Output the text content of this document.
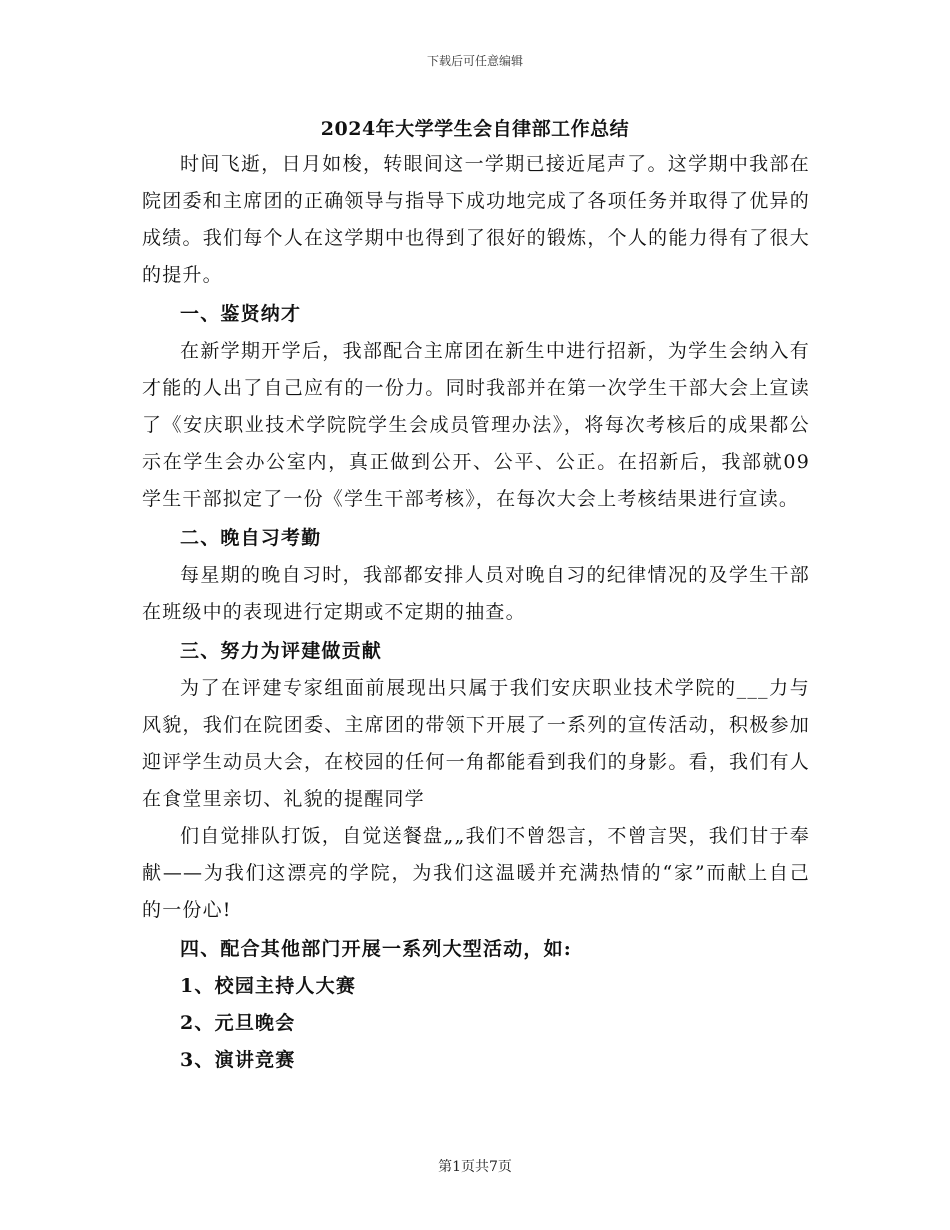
下载后可任意编辑
2024年大学学生会自律部工作总结

时间飞逝，日月如梭，转眼间这一学期已接近尾声了。这学期中我部在院团委和主席团的正确领导与指导下成功地完成了各项任务并取得了优异的成绩。我们每个人在这学期中也得到了很好的锻炼，个人的能力得有了很大的提升。

一、鉴贤纳才

在新学期开学后，我部配合主席团在新生中进行招新，为学生会纳入有才能的人出了自己应有的一份力。同时我部并在第一次学生干部大会上宣读了《安庆职业技术学院院学生会成员管理办法》，将每次考核后的成果都公示在学生会办公室内，真正做到公开、公平、公正。在招新后，我部就09学生干部拟定了一份《学生干部考核》，在每次大会上考核结果进行宣读。

二、晚自习考勤

每星期的晚自习时，我部都安排人员对晚自习的纪律情况的及学生干部在班级中的表现进行定期或不定期的抽查。

三、努力为评建做贡献

为了在评建专家组面前展现出只属于我们安庆职业技术学院的___力与风貌，我们在院团委、主席团的带领下开展了一系列的宣传活动，积极参加迎评学生动员大会，在校园的任何一角都能看到我们的身影。看，我们有人在食堂里亲切、礼貌的提醒同学

们自觉排队打饭，自觉送餐盘„„我们不曾怨言，不曾言哭，我们甘于奉献——为我们这漂亮的学院，为我们这温暖并充满热情的“家”而献上自己的一份心!

四、配合其他部门开展一系列大型活动，如:

1、校园主持人大赛

2、元旦晚会

3、演讲竞赛

第1页共7页
